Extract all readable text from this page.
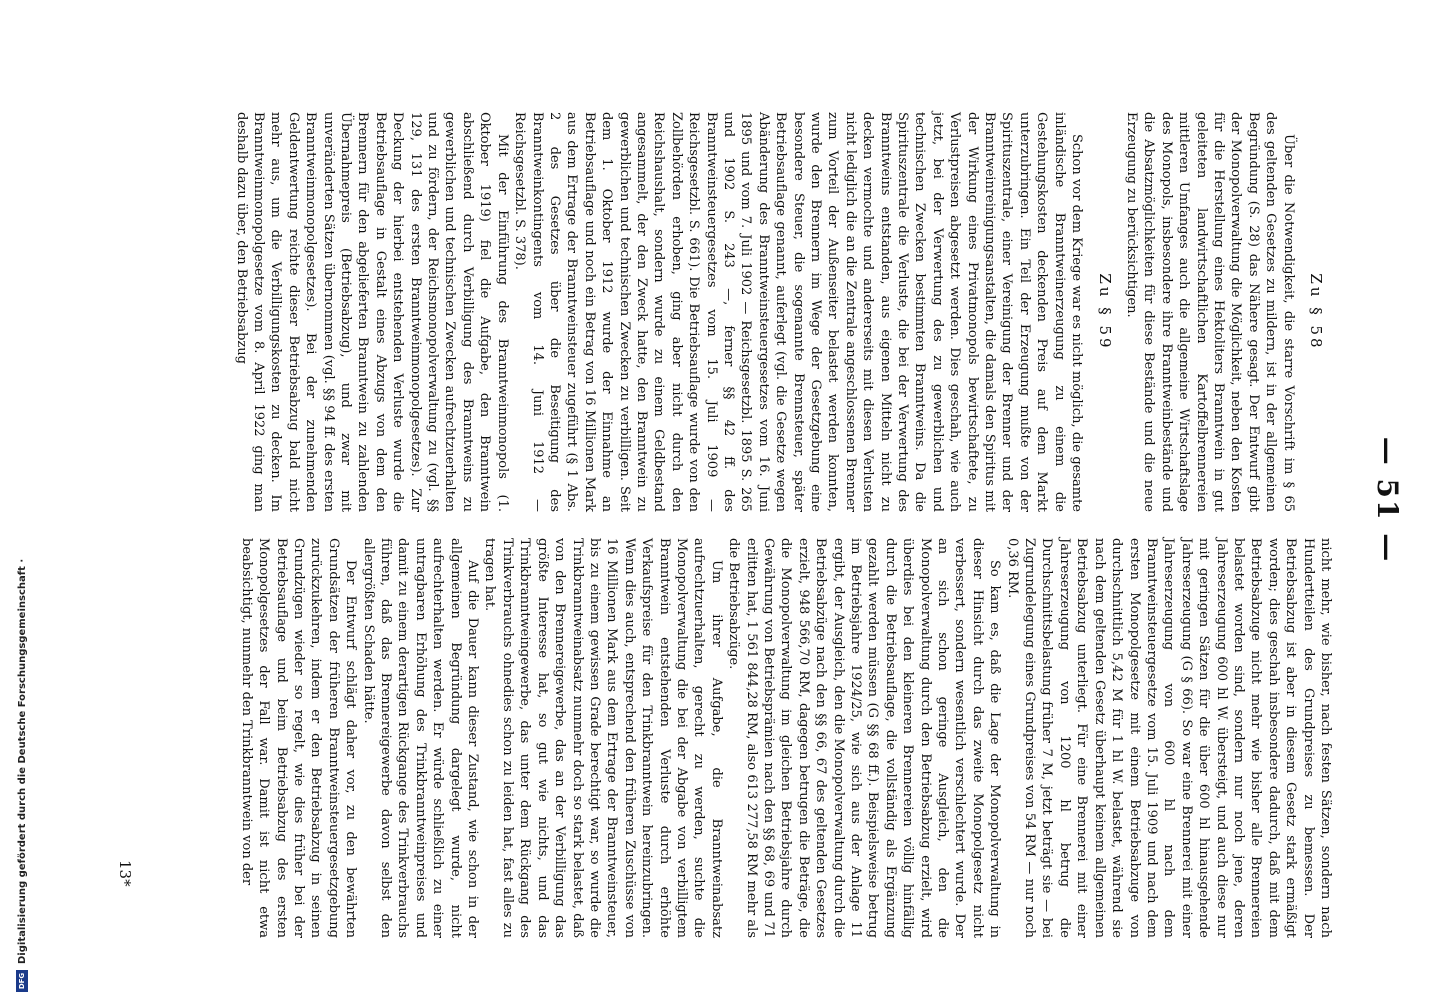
— 51 —
Zu § 58

Über die Notwendigkeit, die starre Vorschrift im § 65 des geltenden Gesetzes zu mildern, ist in der allgemeinen Begründung (S. 28) das Nähere gesagt. Der Entwurf gibt der Monopolverwaltung die Möglichkeit, neben den Kosten für die Herstellung eines Hektoliters Branntwein in gut geleiteten landwirtschaftlichen Kartoffelbrennereien mittleren Umfanges auch die allgemeine Wirtschaftslage des Monopols, insbesondere ihre Branntweinbestände und die Absatzmöglichkeiten für diese Bestände und die neue Erzeugung zu berücksichtigen.

Zu § 59

Schon vor dem Kriege war es nicht möglich, die gesamte inländische Branntweinerzeugung zu einem die Gestehungskosten deckenden Preis auf dem Markt unterzubringen. Ein Teil der Erzeugung mußte von der Spirituszentrale, einer Vereinigung der Brenner und der Branntweinreinigungsanstalten, die damals den Spiritus mit der Wirkung eines Privatmonopols bewirtschaftete, zu Verlustpreisen abgesetzt werden. Dies geschah, wie auch jetzt, bei der Verwertung des zu gewerblichen und technischen Zwecken bestimmten Branntweins. Da die Spirituszentrale die Verluste, die bei der Verwertung des Branntweins entstanden, aus eigenen Mitteln nicht zu decken vermochte und andererseits mit diesen Verlusten nicht lediglich die an die Zentrale angeschlossenen Brenner zum Vorteil der Außenseiter belastet werden konnten, wurde den Brennern im Wege der Gesetzgebung eine besondere Steuer, die sogenannte Brennsteuer, später Betriebsauflage genannt, auferlegt (vgl. die Gesetze wegen Abänderung des Branntweinsteuergesetzes vom 16. Juni 1895 und vom 7. Juli 1902 — Reichsgesetzbl. 1895 S. 265 und 1902 S. 243 —, ferner §§ 42 ff. des Branntweinsteuergesetzes vom 15. Juli 1909 — Reichsgesetzbl. S. 661). Die Betriebsauflage wurde von den Zollbehörden erhoben, ging aber nicht durch den Reichshaushalt, sondern wurde zu einem Geldbestand angesammelt, der den Zweck hatte, den Branntwein zu gewerblichen und technischen Zwecken zu verbilligen. Seit dem 1. Oktober 1912 wurde der Einnahme an Betriebsauflage und noch ein Betrag von 16 Millionen Mark aus dem Ertrage der Branntweinsteuer zugeführt (§ 1 Abs. 2 des Gesetzes über die Beseitigung des Branntweinkontingents vom 14. Juni 1912 — Reichsgesetzbl. S. 378).

Mit der Einführung des Branntweinmonopols (1. Oktober 1919) fiel die Aufgabe, den Branntwein abschließend durch Verbilligung des Branntweins zu gewerblichen und technischen Zwecken aufrechtzuerhalten und zu fördern, der Reichsmonopolverwaltung zu (vgl. §§ 129, 131 des ersten Branntweinmonopolgesetzes). Zur Deckung der hierbei entstehenden Verluste wurde die Betriebsauflage in Gestalt eines Abzugs von dem den Brennern für den abgelieferten Branntwein zu zahlenden Übernahmepreis (Betriebsabzug), und zwar mit unveränderten Sätzen übernommen (vgl. §§ 94 ff. des ersten Branntweinmonopolgesetzes). Bei der zunehmenden Geldentwertung reichte dieser Betriebsabzug bald nicht mehr aus, um die Verbilligungskosten zu decken. Im Branntweinmonopolgesetze vom 8. April 1922 ging man deshalb dazu über, den Betriebsabzug

nicht mehr, wie bisher, nach festen Sätzen, sondern nach Hundertteilen des Grundpreises zu bemessen. Der Betriebsabzug ist aber in diesem Gesetz stark ermäßigt worden; dies geschah insbesondere dadurch, daß mit dem Betriebsabzuge nicht mehr wie bisher alle Brennereien belastet worden sind, sondern nur noch jene, deren Jahreserzeugung 600 hl W. übersteigt, und auch diese nur mit geringen Sätzen für die über 600 hl hinausgehende Jahreserzeugung (G § 66). So war eine Brennerei mit einer Jahreserzeugung von 600 hl nach dem Branntweinsteuergesetze vom 15. Juli 1909 und nach dem ersten Monopolgesetze mit einem Betriebsabzuge von durchschnittlich 5,42 M für 1 hl W. belastet, während sie nach dem geltenden Gesetz überhaupt keinem allgemeinen Betriebsabzug unterliegt. Für eine Brennerei mit einer Jahreserzeugung von 1200 hl betrug die Durchschnittsbelastung früher 7 M, jetzt beträgt sie — bei Zugrundelegung eines Grundpreises von 54 RM — nur noch 0,36 RM.

So kam es, daß die Lage der Monopolverwaltung in dieser Hinsicht durch das zweite Monopolgesetz nicht verbessert, sondern wesentlich verschlechtert wurde. Der an sich schon geringe Ausgleich, den die Monopolverwaltung durch den Betriebsabzug erzielt, wird überdies bei den kleineren Brennereien völlig hinfällig durch die Betriebsauflage, die vollständig als Ergänzung gezahlt werden müssen (G §§ 68 ff.). Beispielsweise betrug im Betriebsjahre 1924/25, wie sich aus der Anlage 11 ergibt, der Ausgleich, den die Monopolverwaltung durch die Betriebsabzüge nach den §§ 66, 67 des geltenden Gesetzes erzielt, 948 566,70 RM, dagegen betrugen die Beträge, die die Monopolverwaltung im gleichen Betriebsjahre durch Gewährung von Betriebsprämien nach den §§ 68, 69 und 71 erlitten hat, 1 561 844,28 RM, also 613 277,58 RM mehr als die Betriebsabzüge.

Um ihrer Aufgabe, die Branntweinabsatz aufrechtzuerhalten, gerecht zu werden, suchte die Monopolverwaltung die bei der Abgabe von verbilligtem Branntwein entstehenden Verluste durch erhöhte Verkaufspreise für den Trinkbranntwein hereinzubringen. Wenn dies auch, entsprechend den früheren Zuschüsse von 16 Millionen Mark aus dem Ertrage der Branntweinsteuer, bis zu einem gewissen Grade berechtigt war, so wurde die Trinkbranntweinabsatz nunmehr doch so stark belastet, daß von den Brennereigewerbe, das an der Verbilligung das größte Interesse hat, so gut wie nichts, und das Trinkbranntweingewerbe, das unter dem Rückgang des Trinkverbrauchs ohnedies schon zu leiden hat, fast alles zu tragen hat.

Auf die Dauer kann dieser Zustand, wie schon in der allgemeinen Begründung dargelegt wurde, nicht aufrechterhalten werden. Er würde schließlich zu einer untragbaren Erhöhung des Trinkbranntweinpreises und damit zu einem derartigen Rückgange des Trinkverbrauchs führen, daß das Brennereigewerbe davon selbst den allergrößten Schaden hätte.

Der Entwurf schlägt daher vor, zu den bewährten Grundsätzen der früheren Branntweinsteuergesetzgebung zurückzukehren, indem er den Betriebsabzug in seinen Grundzügen wieder so regelt, wie dies früher bei der Betriebsauflage und beim Betriebsabzug des ersten Monopolgesetzes der Fall war. Damit ist nicht etwa beabsichtigt, nunmehr den Trinkbranntwein von der

13*
DFG
Digitalisierung gefördert durch die Deutsche Forschungsgemeinschaft ·
